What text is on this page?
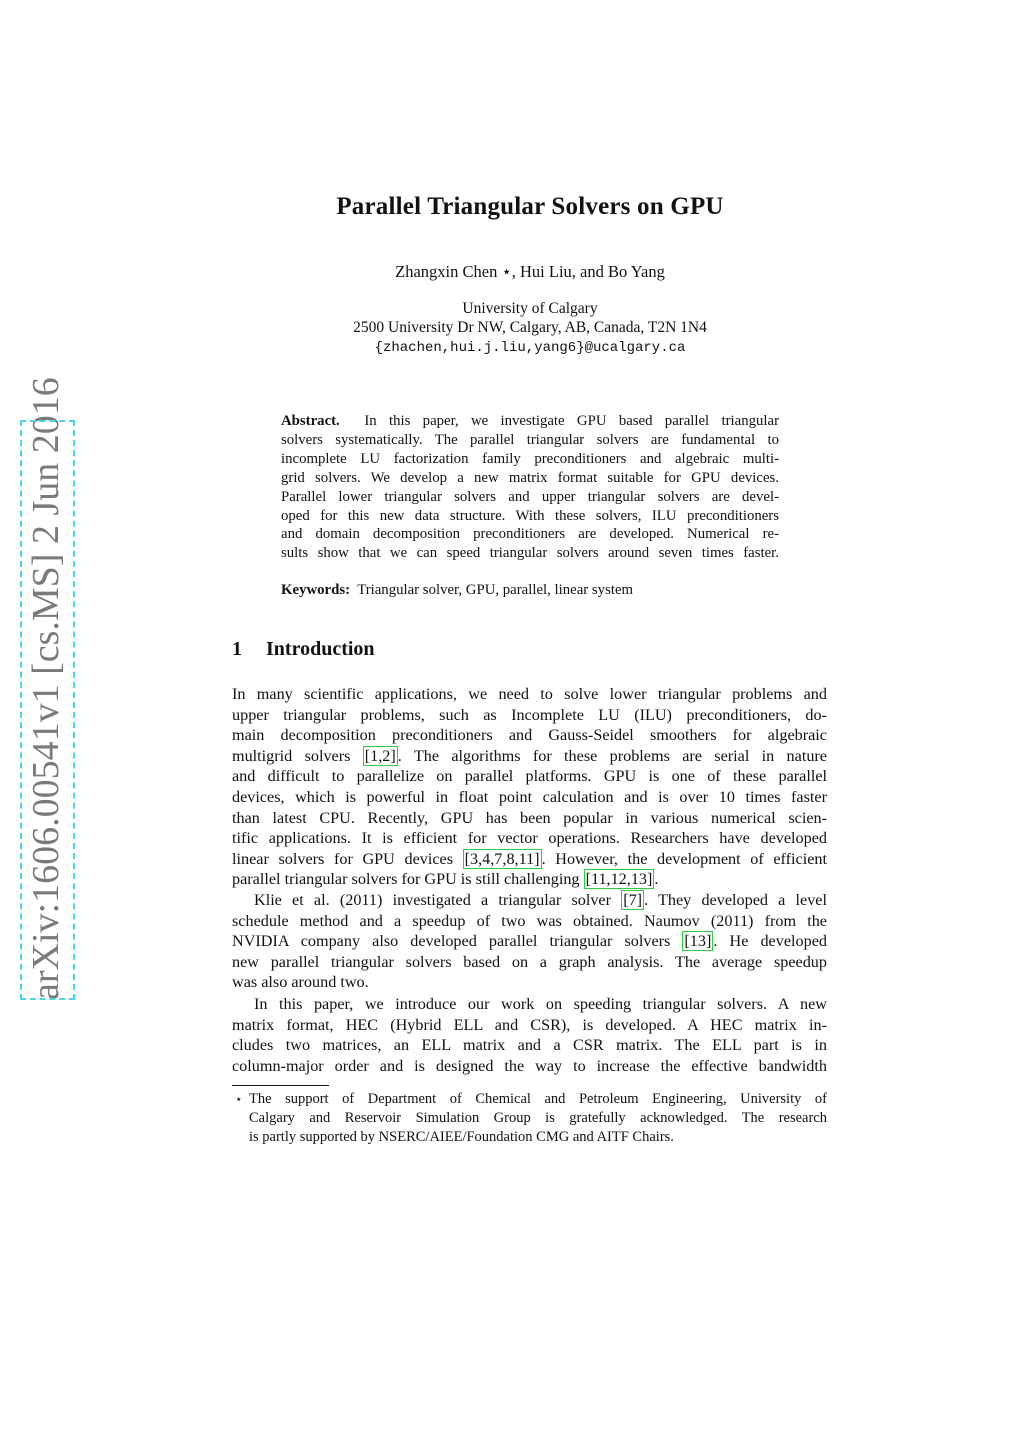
arXiv:1606.00541v1 [cs.MS] 2 Jun 2016
Parallel Triangular Solvers on GPU
Zhangxin Chen ⋆, Hui Liu, and Bo Yang
University of Calgary
2500 University Dr NW, Calgary, AB, Canada, T2N 1N4
{zhachen,hui.j.liu,yang6}@ucalgary.ca
Abstract. In this paper, we investigate GPU based parallel triangular
solvers systematically. The parallel triangular solvers are fundamental to
incomplete LU factorization family preconditioners and algebraic multi-
grid solvers. We develop a new matrix format suitable for GPU devices.
Parallel lower triangular solvers and upper triangular solvers are devel-
oped for this new data structure. With these solvers, ILU preconditioners
and domain decomposition preconditioners are developed. Numerical re-
sults show that we can speed triangular solvers around seven times faster.
Keywords: Triangular solver, GPU, parallel, linear system
1 Introduction
In many scientific applications, we need to solve lower triangular problems and
upper triangular problems, such as Incomplete LU (ILU) preconditioners, do-
main decomposition preconditioners and Gauss-Seidel smoothers for algebraic
multigrid solvers [1,2] . The algorithms for these problems are serial in nature
and difficult to parallelize on parallel platforms. GPU is one of these parallel
devices, which is powerful in float point calculation and is over 10 times faster
than latest CPU. Recently, GPU has been popular in various numerical scien-
tific applications. It is efficient for vector operations. Researchers have developed
linear solvers for GPU devices [3,4,7,8,11] . However, the development of efficient
parallel triangular solvers for GPU is still challenging [11,12,13] .
Klie et al. (2011) investigated a triangular solver [7] . They developed a level
schedule method and a speedup of two was obtained. Naumov (2011) from the
NVIDIA company also developed parallel triangular solvers [13] . He developed
new parallel triangular solvers based on a graph analysis. The average speedup
was also around two.
In this paper, we introduce our work on speeding triangular solvers. A new
matrix format, HEC (Hybrid ELL and CSR), is developed. A HEC matrix in-
cludes two matrices, an ELL matrix and a CSR matrix. The ELL part is in
column-major order and is designed the way to increase the effective bandwidth
⋆ The support of Department of Chemical and Petroleum Engineering, University of
Calgary and Reservoir Simulation Group is gratefully acknowledged. The research
is partly supported by NSERC/AIEE/Foundation CMG and AITF Chairs.
